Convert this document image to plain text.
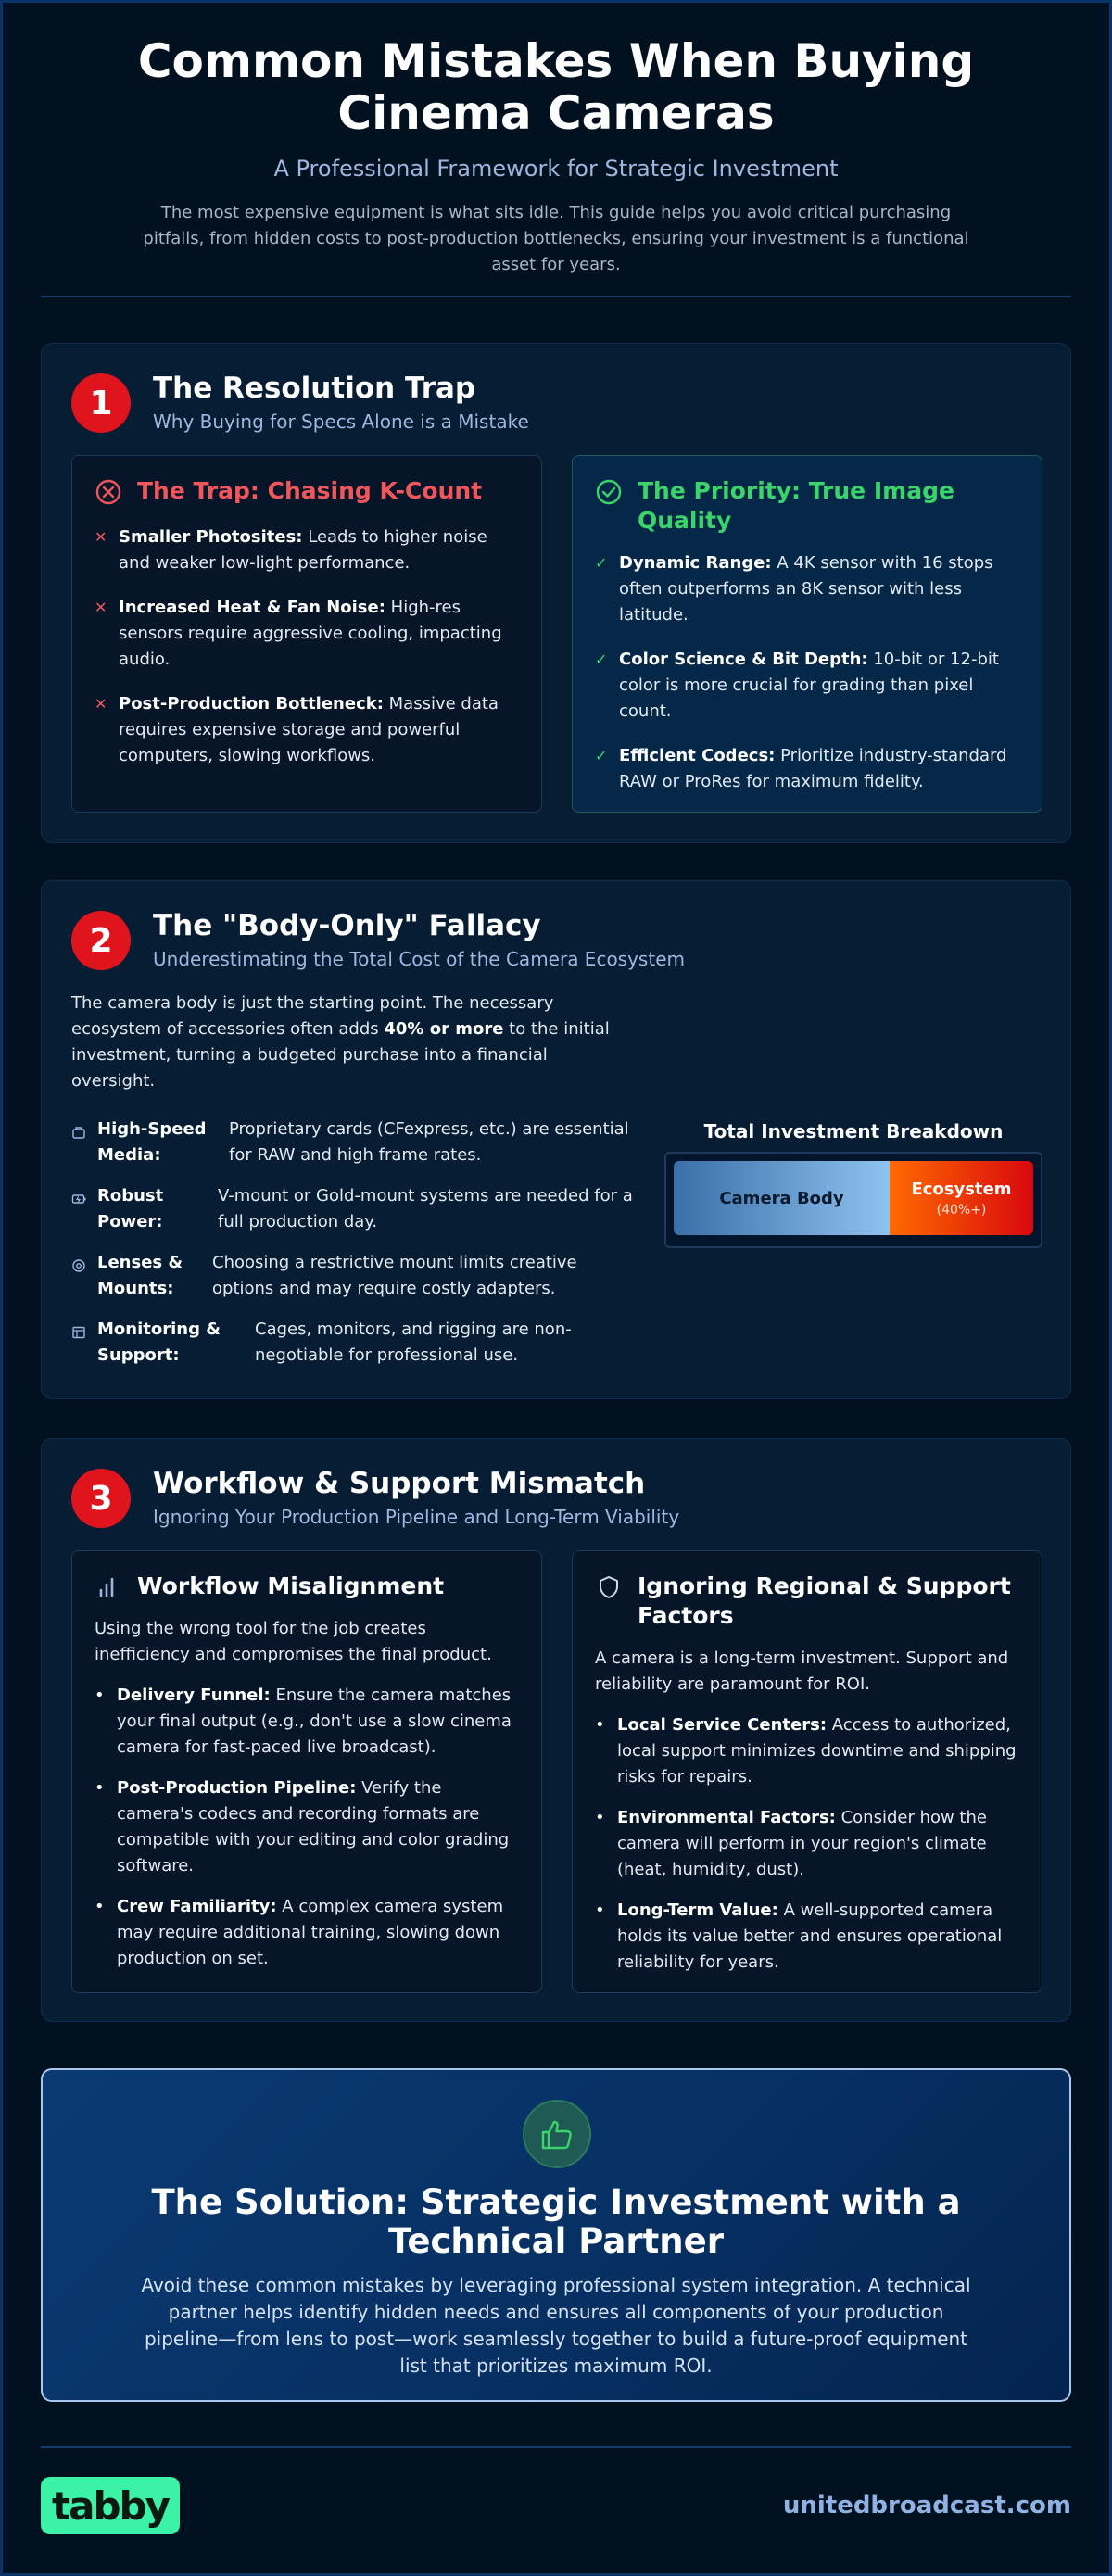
Common Mistakes When Buying Cinema Cameras
A Professional Framework for Strategic Investment
The most expensive equipment is what sits idle. This guide helps you avoid critical purchasing pitfalls, from hidden costs to post-production bottlenecks, ensuring your investment is a functional asset for years.
1	The Resolution Trap
Why Buying for Specs Alone is a Mistake
The Trap: Chasing K-Count
✕ Smaller Photosites: Leads to higher noise and weaker low-light performance.
✕ Increased Heat & Fan Noise: High-res sensors require aggressive cooling, impacting audio.
✕ Post-Production Bottleneck: Massive data requires expensive storage and powerful computers, slowing workflows.
The Priority: True Image Quality
✓ Dynamic Range: A 4K sensor with 16 stops often outperforms an 8K sensor with less latitude.
✓ Color Science & Bit Depth: 10-bit or 12-bit color is more crucial for grading than pixel count.
✓ Efficient Codecs: Prioritize industry-standard RAW or ProRes for maximum fidelity.
2	The "Body-Only" Fallacy
Underestimating the Total Cost of the Camera Ecosystem
The camera body is just the starting point. The necessary ecosystem of accessories often adds 40% or more to the initial investment, turning a budgeted purchase into a financial oversight.
High-Speed Media:
Proprietary cards (CFexpress, etc.) are essential for RAW and high frame rates.
Robust Power:
V-mount or Gold-mount systems are needed for a full production day.
Lenses & Mounts:
Choosing a restrictive mount limits creative options and may require costly adapters.
Monitoring & Support:
Cages, monitors, and rigging are non-negotiable for professional use.
Total Investment Breakdown
Camera Body	Ecosystem
(40%+)
3	Workflow & Support Mismatch
Ignoring Your Production Pipeline and Long-Term Viability
Workflow Misalignment
Using the wrong tool for the job creates inefficiency and compromises the final product.
• Delivery Funnel: Ensure the camera matches your final output (e.g., don't use a slow cinema camera for fast-paced live broadcast).
• Post-Production Pipeline: Verify the camera's codecs and recording formats are compatible with your editing and color grading software.
• Crew Familiarity: A complex camera system may require additional training, slowing down production on set.
Ignoring Regional & Support Factors
A camera is a long-term investment. Support and reliability are paramount for ROI.
• Local Service Centers: Access to authorized, local support minimizes downtime and shipping risks for repairs.
• Environmental Factors: Consider how the camera will perform in your region's climate (heat, humidity, dust).
• Long-Term Value: A well-supported camera holds its value better and ensures operational reliability for years.
The Solution: Strategic Investment with a Technical Partner

Avoid these common mistakes by leveraging professional system integration. A technical partner helps identify hidden needs and ensures all components of your production pipeline—from lens to post—work seamlessly together to build a future-proof equipment list that prioritizes maximum ROI.

tabby	unitedbroadcast.com
